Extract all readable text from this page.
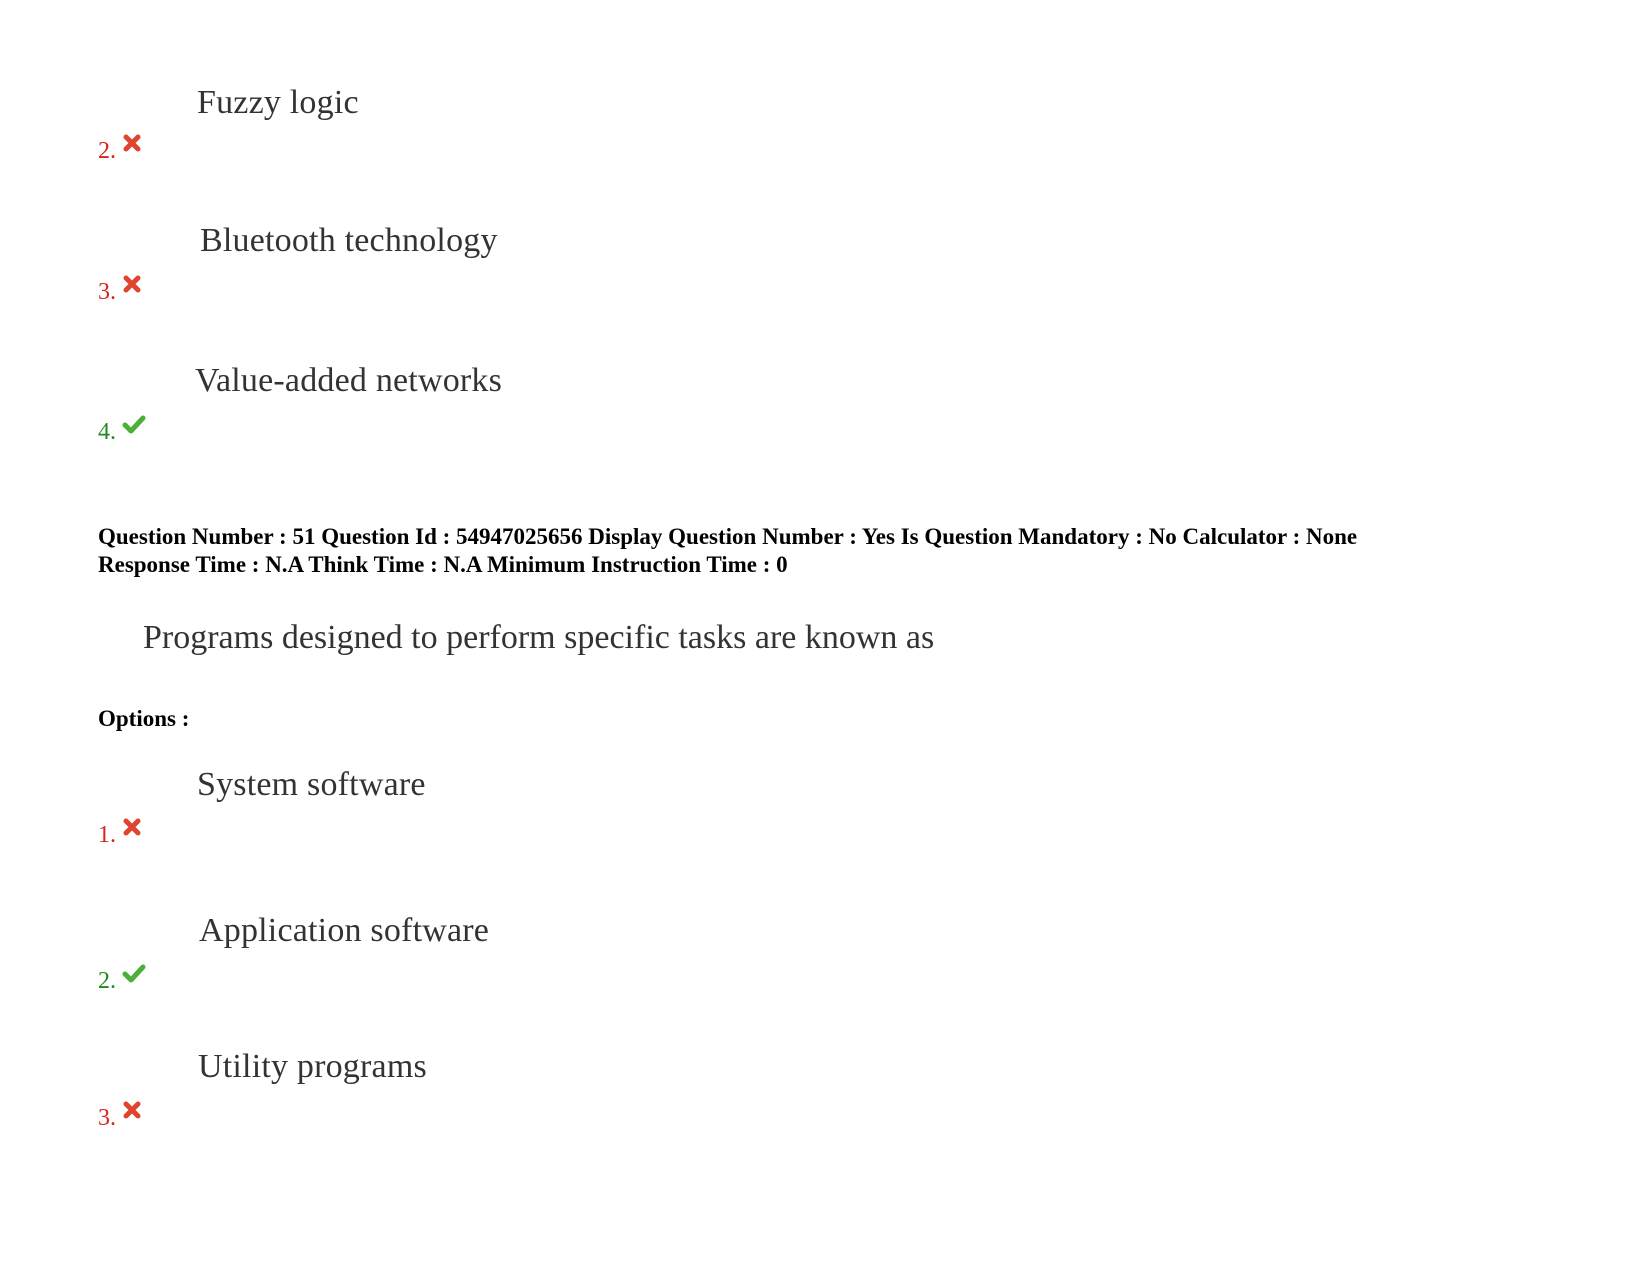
Fuzzy logic
2.
Bluetooth technology
3.
Value-added networks
4.
Question Number : 51 Question Id : 54947025656 Display Question Number : Yes Is Question Mandatory : No Calculator : None
Response Time : N.A Think Time : N.A Minimum Instruction Time : 0
Programs designed to perform specific tasks are known as
Options :
System software
1.
Application software
2.
Utility programs
3.
